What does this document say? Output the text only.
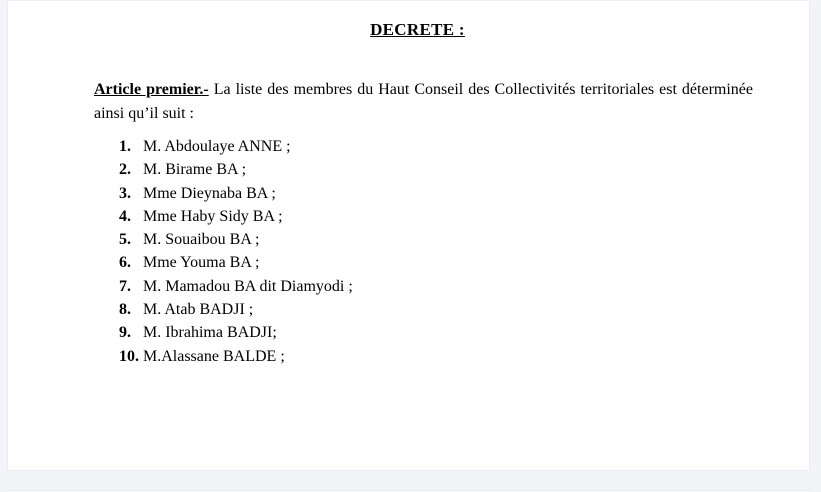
DECRETE :

Article premier.- La liste des membres du Haut Conseil des Collectivités territoriales est déterminée ainsi qu’il suit :

1. M. Abdoulaye ANNE ;
2. M. Birame BA ;
3. Mme Dieynaba BA ;
4. Mme Haby Sidy BA ;
5. M. Souaibou BA ;
6. Mme Youma BA ;
7. M. Mamadou BA dit Diamyodi ;
8. M. Atab BADJI ;
9. M. Ibrahima BADJI;
10. M.Alassane BALDE ;
